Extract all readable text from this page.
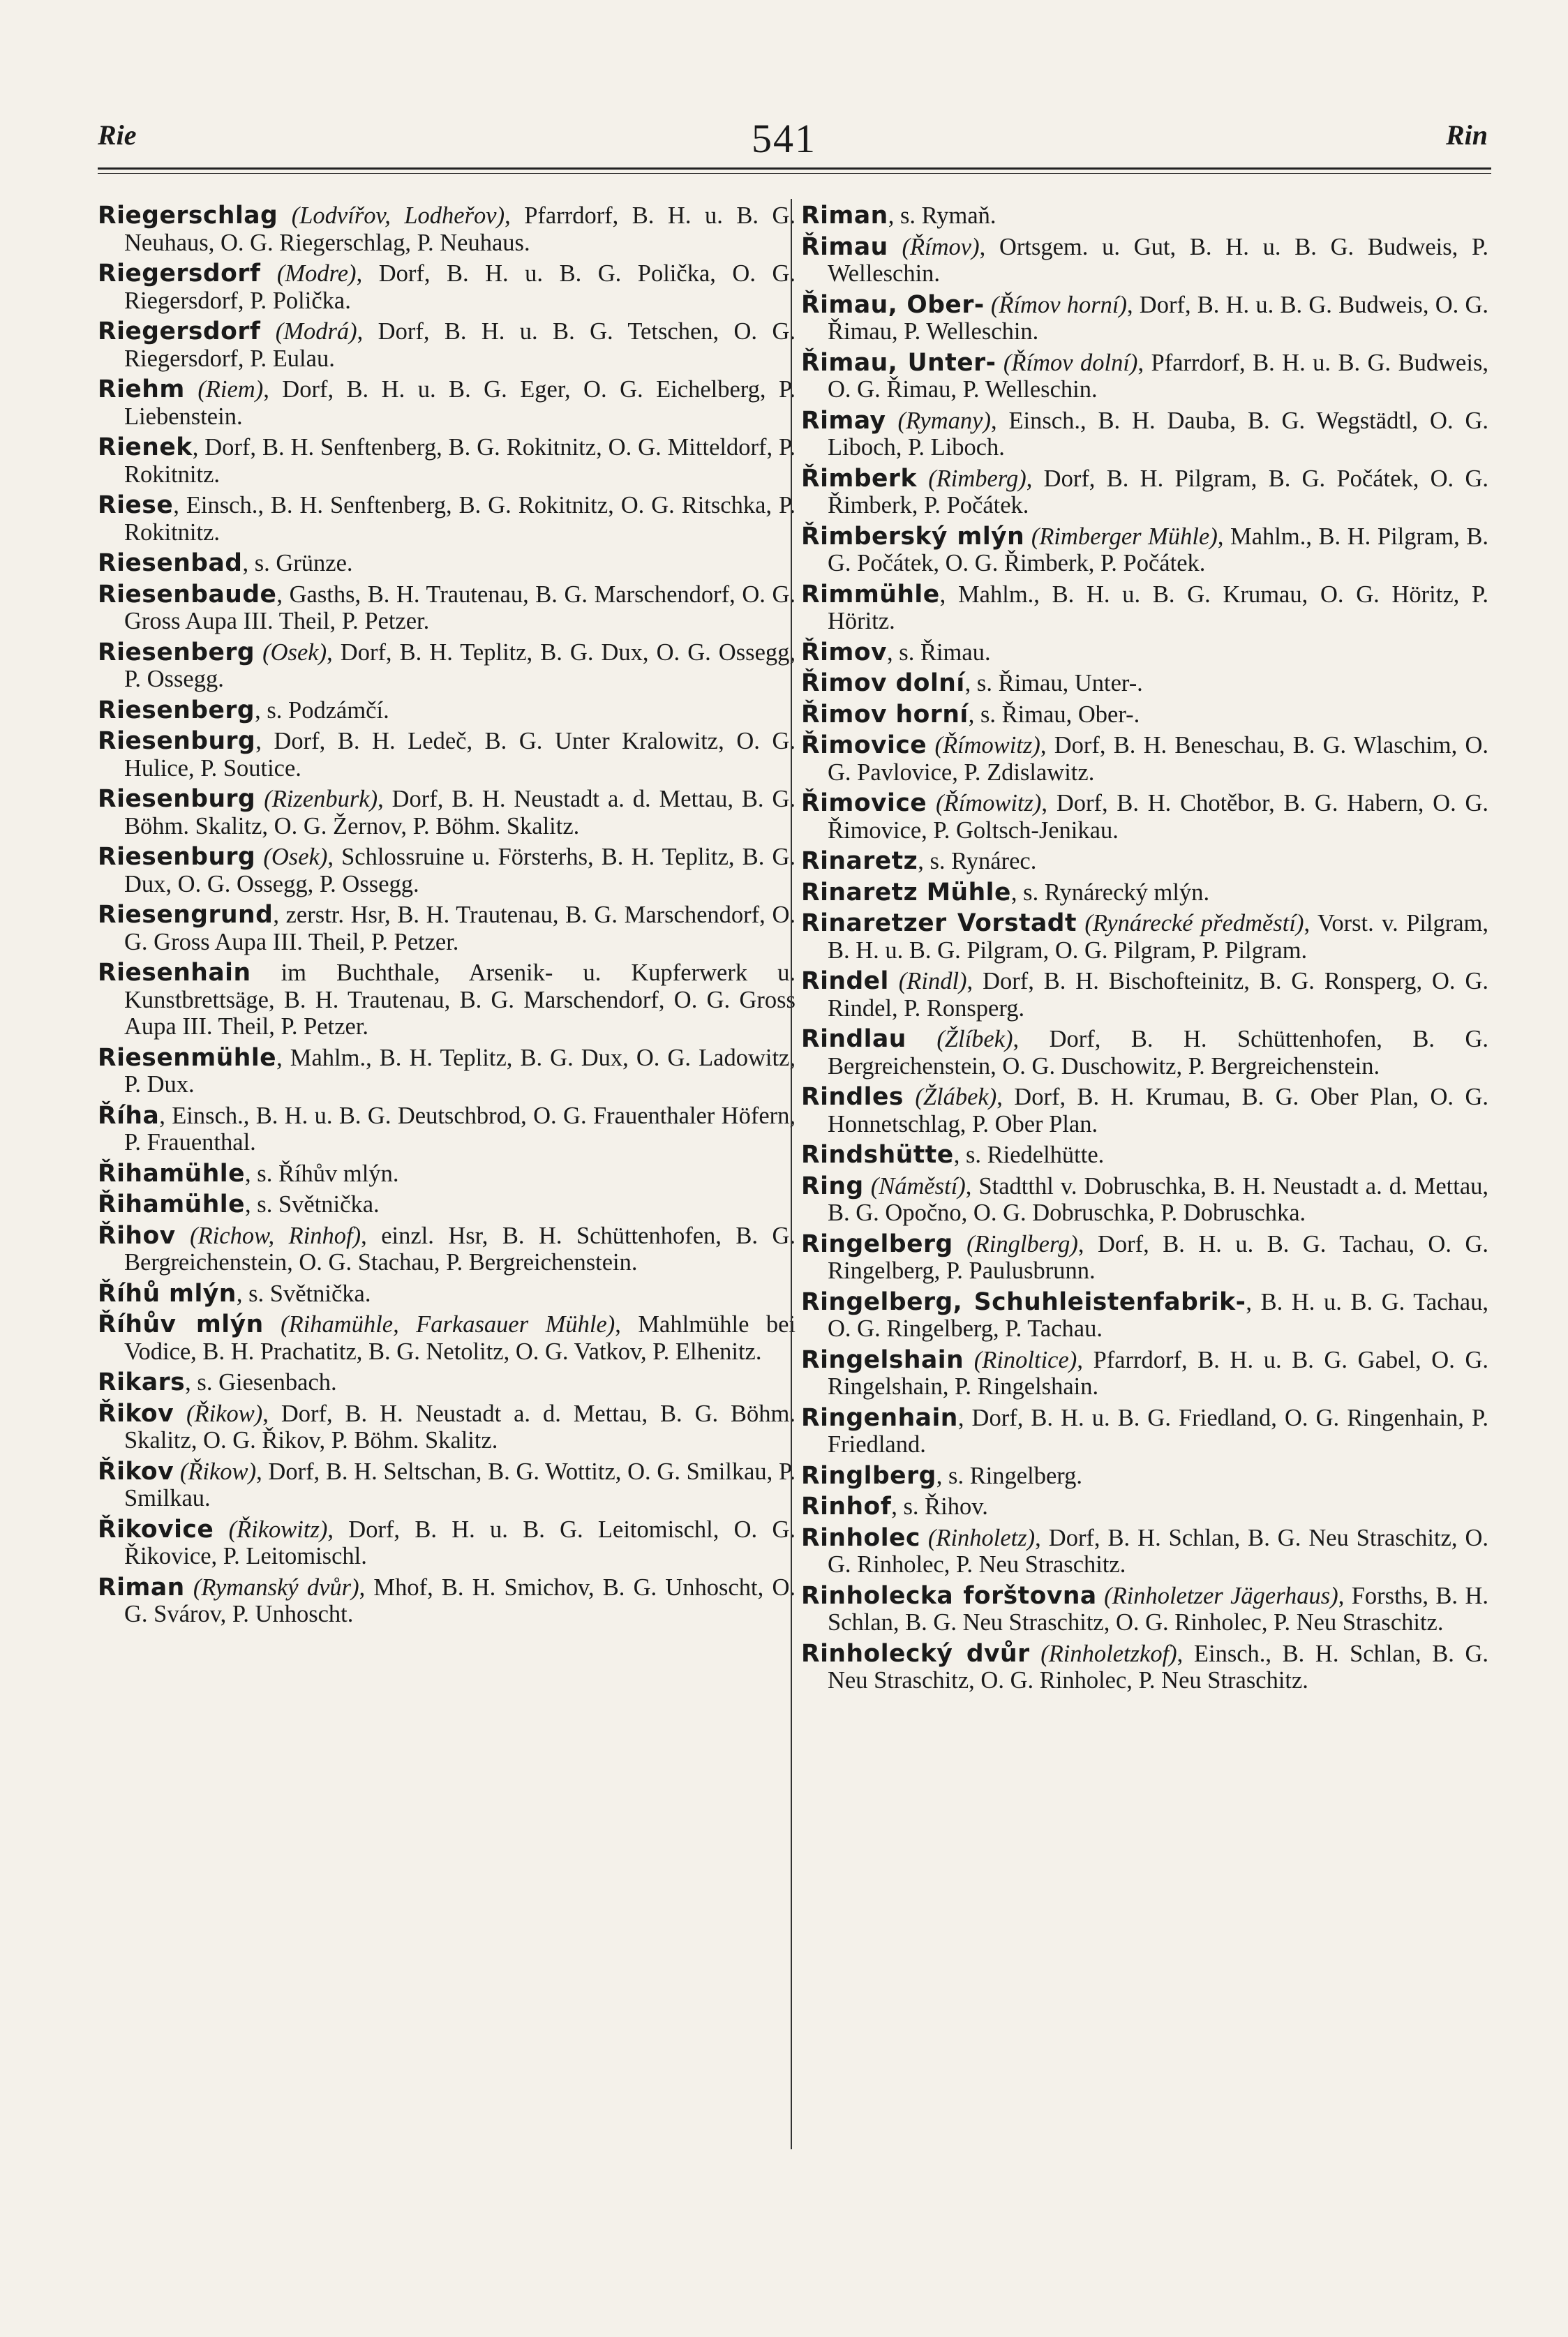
Rie	541	Rin
Riegerschlag (Lodvířov, Lodheřov), Pfarrdorf, B. H. u. B. G. Neuhaus, O. G. Riegerschlag, P. Neuhaus.
Riegersdorf (Modre), Dorf, B. H. u. B. G. Polička, O. G. Riegersdorf, P. Polička.
Riegersdorf (Modrá), Dorf, B. H. u. B. G. Tetschen, O. G. Riegersdorf, P. Eulau.
Riehm (Riem), Dorf, B. H. u. B. G. Eger, O. G. Eichelberg, P. Liebenstein.
Rienek, Dorf, B. H. Senftenberg, B. G. Rokitnitz, O. G. Mitteldorf, P. Rokitnitz.
Riese, Einsch., B. H. Senftenberg, B. G. Rokitnitz, O. G. Ritschka, P. Rokitnitz.
Riesenbad, s. Grünze.
Riesenbaude, Gasths, B. H. Trautenau, B. G. Marschendorf, O. G. Gross Aupa III. Theil, P. Petzer.
Riesenberg (Osek), Dorf, B. H. Teplitz, B. G. Dux, O. G. Ossegg, P. Ossegg.
Riesenberg, s. Podzámčí.
Riesenburg, Dorf, B. H. Ledeč, B. G. Unter Kralowitz, O. G. Hulice, P. Soutice.
Riesenburg (Rizenburk), Dorf, B. H. Neustadt a. d. Mettau, B. G. Böhm. Skalitz, O. G. Žernov, P. Böhm. Skalitz.
Riesenburg (Osek), Schlossruine u. Försterhs, B. H. Teplitz, B. G. Dux, O. G. Ossegg, P. Ossegg.
Riesengrund, zerstr. Hsr, B. H. Trautenau, B. G. Marschendorf, O. G. Gross Aupa III. Theil, P. Petzer.
Riesenhain im Buchthale, Arsenik- u. Kupferwerk u. Kunstbrettsäge, B. H. Trautenau, B. G. Marschendorf, O. G. Gross Aupa III. Theil, P. Petzer.
Riesenmühle, Mahlm., B. H. Teplitz, B. G. Dux, O. G. Ladowitz, P. Dux.
Říha, Einsch., B. H. u. B. G. Deutschbrod, O. G. Frauenthaler Höfern, P. Frauenthal.
Řihamühle, s. Říhův mlýn.
Řihamühle, s. Světnička.
Řihov (Richow, Rinhof), einzl. Hsr, B. H. Schüttenhofen, B. G. Bergreichenstein, O. G. Stachau, P. Bergreichenstein.
Říhů mlýn, s. Světnička.
Říhův mlýn (Rihamühle, Farkasauer Mühle), Mahlmühle bei Vodice, B. H. Prachatitz, B. G. Netolitz, O. G. Vatkov, P. Elhenitz.
Rikars, s. Giesenbach.
Řikov (Řikow), Dorf, B. H. Neustadt a. d. Mettau, B. G. Böhm. Skalitz, O. G. Řikov, P. Böhm. Skalitz.
Řikov (Řikow), Dorf, B. H. Seltschan, B. G. Wottitz, O. G. Smilkau, P. Smilkau.
Řikovice (Řikowitz), Dorf, B. H. u. B. G. Leitomischl, O. G. Řikovice, P. Leitomischl.
Riman (Rymanský dvůr), Mhof, B. H. Smichov, B. G. Unhoscht, O. G. Svárov, P. Unhoscht.
Riman, s. Rymaň.
Řimau (Římov), Ortsgem. u. Gut, B. H. u. B. G. Budweis, P. Welleschin.
Řimau, Ober- (Římov horní), Dorf, B. H. u. B. G. Budweis, O. G. Řimau, P. Welleschin.
Řimau, Unter- (Římov dolní), Pfarrdorf, B. H. u. B. G. Budweis, O. G. Řimau, P. Welleschin.
Rimay (Rymany), Einsch., B. H. Dauba, B. G. Wegstädtl, O. G. Liboch, P. Liboch.
Řimberk (Rimberg), Dorf, B. H. Pilgram, B. G. Počátek, O. G. Řimberk, P. Počátek.
Řimberský mlýn (Rimberger Mühle), Mahlm., B. H. Pilgram, B. G. Počátek, O. G. Řimberk, P. Počátek.
Rimmühle, Mahlm., B. H. u. B. G. Krumau, O. G. Höritz, P. Höritz.
Řimov, s. Řimau.
Řimov dolní, s. Řimau, Unter-.
Řimov horní, s. Řimau, Ober-.
Řimovice (Římowitz), Dorf, B. H. Beneschau, B. G. Wlaschim, O. G. Pavlovice, P. Zdislawitz.
Řimovice (Římowitz), Dorf, B. H. Chotěbor, B. G. Habern, O. G. Řimovice, P. Goltsch-Jenikau.
Rinaretz, s. Rynárec.
Rinaretz Mühle, s. Rynárecký mlýn.
Rinaretzer Vorstadt (Rynárecké předměstí), Vorst. v. Pilgram, B. H. u. B. G. Pilgram, O. G. Pilgram, P. Pilgram.
Rindel (Rindl), Dorf, B. H. Bischofteinitz, B. G. Ronsperg, O. G. Rindel, P. Ronsperg.
Rindlau (Žlíbek), Dorf, B. H. Schüttenhofen, B. G. Bergreichenstein, O. G. Duschowitz, P. Bergreichenstein.
Rindles (Žlábek), Dorf, B. H. Krumau, B. G. Ober Plan, O. G. Honnetschlag, P. Ober Plan.
Rindshütte, s. Riedelhütte.
Ring (Náměstí), Stadtthl v. Dobruschka, B. H. Neustadt a. d. Mettau, B. G. Opočno, O. G. Dobruschka, P. Dobruschka.
Ringelberg (Ringlberg), Dorf, B. H. u. B. G. Tachau, O. G. Ringelberg, P. Paulusbrunn.
Ringelberg, Schuhleistenfabrik-, B. H. u. B. G. Tachau, O. G. Ringelberg, P. Tachau.
Ringelshain (Rinoltice), Pfarrdorf, B. H. u. B. G. Gabel, O. G. Ringelshain, P. Ringelshain.
Ringenhain, Dorf, B. H. u. B. G. Friedland, O. G. Ringenhain, P. Friedland.
Ringlberg, s. Ringelberg.
Rinhof, s. Řihov.
Rinholec (Rinholetz), Dorf, B. H. Schlan, B. G. Neu Straschitz, O. G. Rinholec, P. Neu Straschitz.
Rinholecka forštovna (Rinholetzer Jägerhaus), Forsths, B. H. Schlan, B. G. Neu Straschitz, O. G. Rinholec, P. Neu Straschitz.
Rinholecký dvůr (Rinholetzkof), Einsch., B. H. Schlan, B. G. Neu Straschitz, O. G. Rinholec, P. Neu Straschitz.
